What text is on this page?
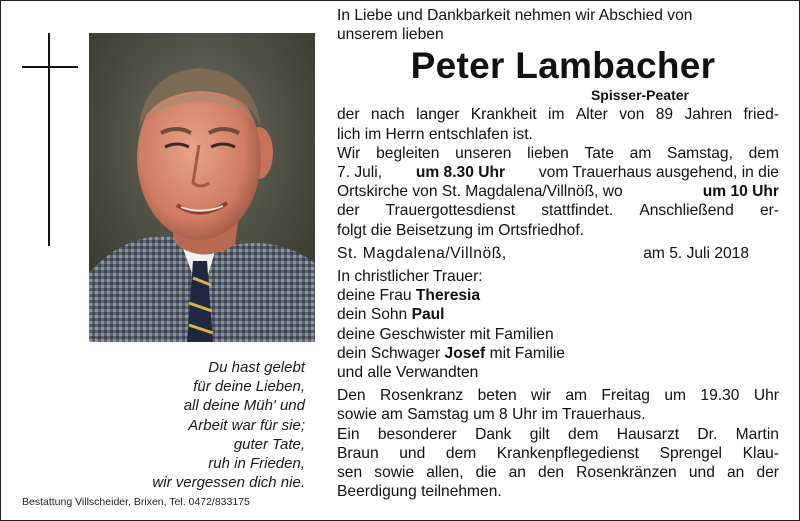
Du hast gelebt
für deine Lieben,
all deine Müh' und
Arbeit war für sie;
guter Tate,
ruh in Frieden,
wir vergessen dich nie.
Bestattung Villscheider, Brixen, Tel. 0472/833175
In Liebe und Dankbarkeit nehmen wir Abschied von
unserem lieben
Peter Lambacher
Spisser-Peater
der nach langer Krankheit im Alter von 89 Jahren fried-
lich im Herrn entschlafen ist.
Wir begleiten unseren lieben Tate am Samstag, dem
7. Juli, um 8.30 Uhr vom Trauerhaus ausgehend, in die
Ortskirche von St. Magdalena/Villnöß, wo	um 10 Uhr
der Trauergottesdienst stattfindet. Anschließend er-
folgt die Beisetzung im Ortsfriedhof.
St. Magdalena/Villnöß,	am 5. Juli 2018
In christlicher Trauer:
deine Frau Theresia
dein Sohn Paul
deine Geschwister mit Familien
dein Schwager Josef mit Familie
und alle Verwandten
Den Rosenkranz beten wir am Freitag um 19.30 Uhr
sowie am Samstag um 8 Uhr im Trauerhaus.
Ein besonderer Dank gilt dem Hausarzt Dr. Martin
Braun und dem Krankenpflegedienst Sprengel Klau-
sen sowie allen, die an den Rosenkränzen und an der
Beerdigung teilnehmen.
